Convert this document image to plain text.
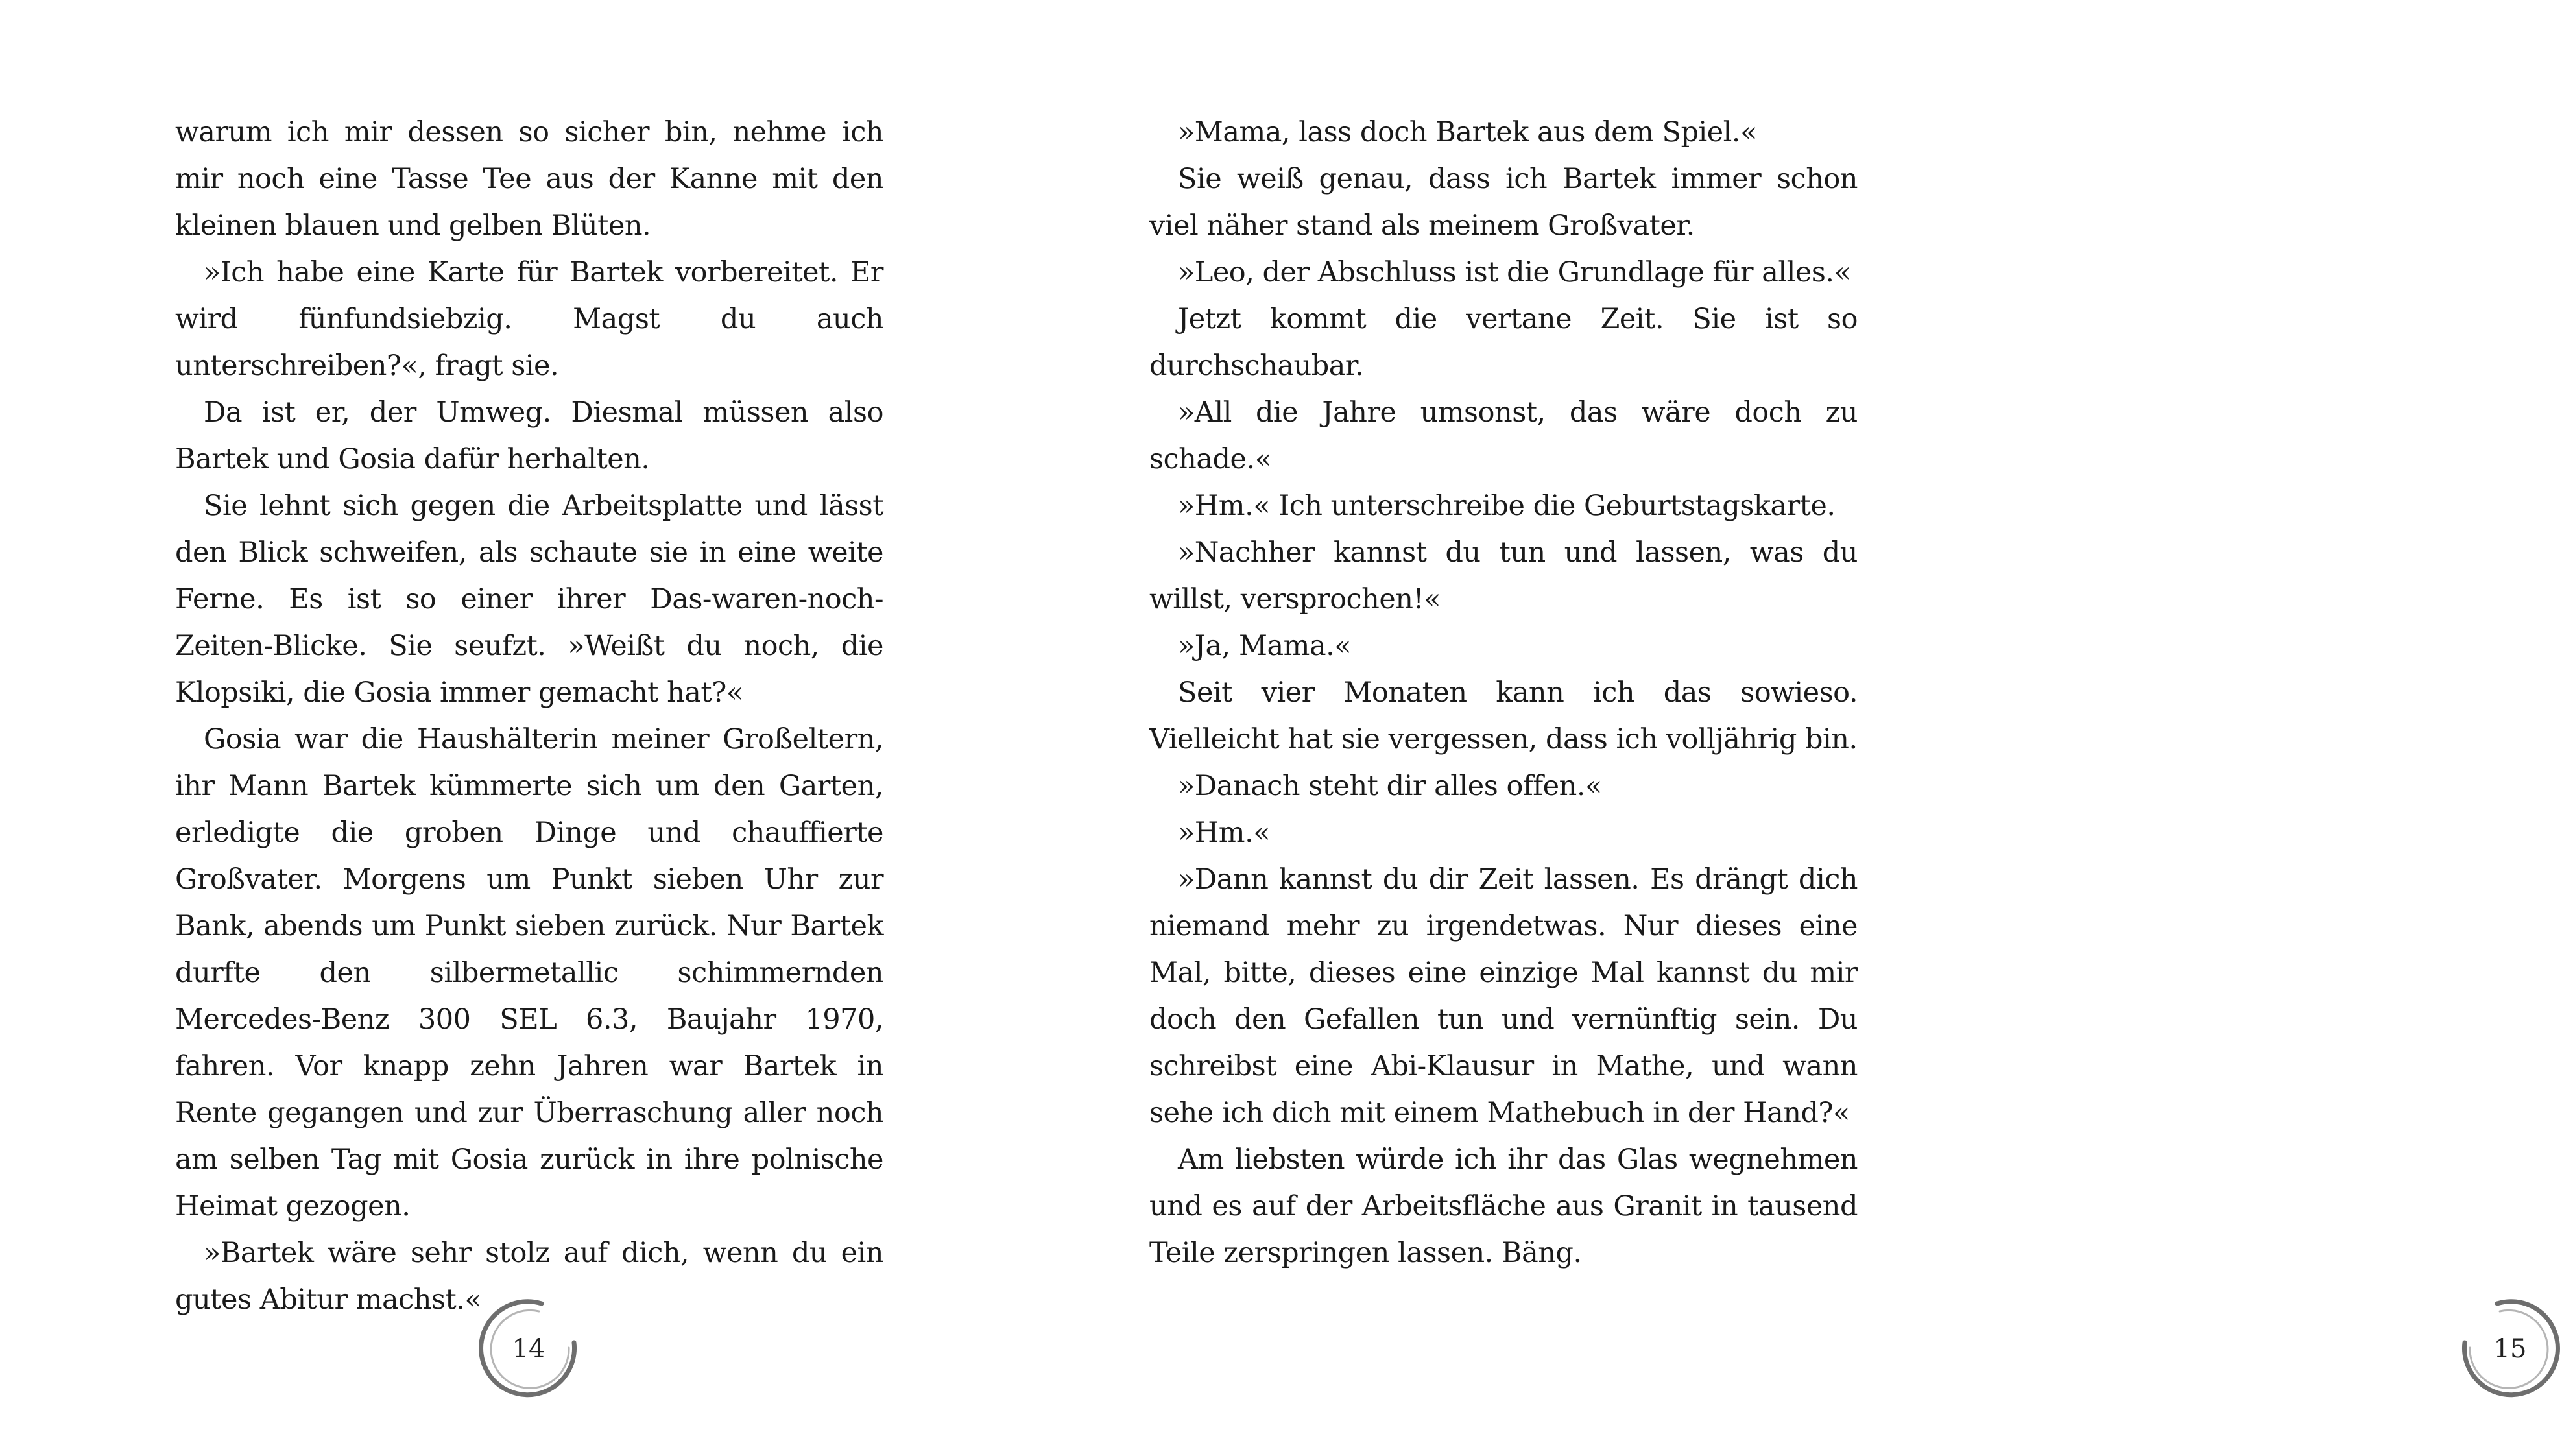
warum ich mir dessen so sicher bin, nehme ich mir noch eine Tasse Tee aus der Kanne mit den kleinen blauen und gelben Blüten.

»Ich habe eine Karte für Bartek vorbereitet. Er wird fünfundsiebzig. Magst du auch unterschreiben?«, fragt sie.

Da ist er, der Umweg. Diesmal müssen also Bartek und Gosia dafür herhalten.

Sie lehnt sich gegen die Arbeitsplatte und lässt den Blick schweifen, als schaute sie in eine weite Ferne. Es ist so einer ihrer Das-waren-noch-Zeiten-Blicke. Sie seufzt. »Weißt du noch, die Klopsiki, die Gosia immer gemacht hat?«

Gosia war die Haushälterin meiner Großeltern, ihr Mann Bartek kümmerte sich um den Garten, erledigte die groben Dinge und chauffierte Großvater. Morgens um Punkt sieben Uhr zur Bank, abends um Punkt sieben zurück. Nur Bartek durfte den silbermetallic schimmernden Mercedes-Benz 300 SEL 6.3, Baujahr 1970, fahren. Vor knapp zehn Jahren war Bartek in Rente gegangen und zur Überraschung aller noch am selben Tag mit Gosia zurück in ihre polnische Heimat gezogen.

»Bartek wäre sehr stolz auf dich, wenn du ein gutes Abitur machst.«

14

»Mama, lass doch Bartek aus dem Spiel.«

Sie weiß genau, dass ich Bartek immer schon viel näher stand als meinem Großvater.

»Leo, der Abschluss ist die Grundlage für alles.«

Jetzt kommt die vertane Zeit. Sie ist so durchschaubar.

»All die Jahre umsonst, das wäre doch zu schade.«

»Hm.« Ich unterschreibe die Geburtstagskarte.

»Nachher kannst du tun und lassen, was du willst, versprochen!«

»Ja, Mama.«

Seit vier Monaten kann ich das sowieso. Vielleicht hat sie vergessen, dass ich volljährig bin.

»Danach steht dir alles offen.«

»Hm.«

»Dann kannst du dir Zeit lassen. Es drängt dich niemand mehr zu irgendetwas. Nur dieses eine Mal, bitte, dieses eine einzige Mal kannst du mir doch den Gefallen tun und vernünftig sein. Du schreibst eine Abi-Klausur in Mathe, und wann sehe ich dich mit einem Mathebuch in der Hand?«

Am liebsten würde ich ihr das Glas wegnehmen und es auf der Arbeitsfläche aus Granit in tausend Teile zerspringen lassen. Bäng.

15
